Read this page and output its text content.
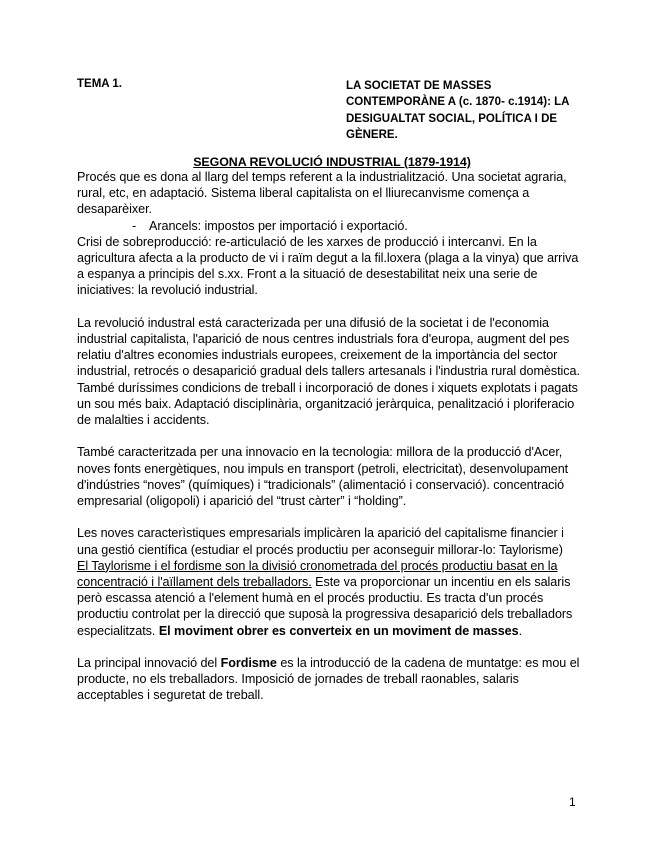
TEMA 1.	LA SOCIETAT DE MASSES
CONTEMPORÀNE A (c. 1870- c.1914): LA
DESIGUALTAT SOCIAL, POLÍTICA I DE
GÈNERE.

SEGONA REVOLUCIÓ INDUSTRIAL (1879-1914)

Procés que es dona al llarg del temps referent a la industrialització. Una societat agraria, rural, etc, en adaptació. Sistema liberal capitalista on el lliurecanvisme comença a desaparèixer.

- Arancels: impostos per importació i exportació.

Crisi de sobreproducció: re-articulació de les xarxes de producció i intercanvi. En la agricultura afecta a la producto de vi i raïm degut a la fil.loxera (plaga a la vinya) que arriva a espanya a principis del s.xx. Front a la situació de desestabilitat neix una serie de iniciatives: la revolució industrial.

La revolució industral está caracterizada per una difusió de la societat i de l'economia industrial capitalista, l'aparició de nous centres industrials fora d'europa, augment del pes relatiu d'altres economies industrials europees, creixement de la importància del sector industrial, retrocés o desaparició gradual dels tallers artesanals i l'industria rural domèstica. També duríssimes condicions de treball i incorporació de dones i xiquets explotats i pagats un sou més baix. Adaptació disciplinària, organització jeràrquica, penalització i ploriferacio de malalties i accidents.

També caracteritzada per una innovacio en la tecnologia: millora de la producció d'Acer, noves fonts energètiques, nou impuls en transport (petroli, electricitat), desenvolupament d'indústries “noves” (químiques) i “tradicionals” (alimentació i conservació). concentració empresarial (oligopoli) i aparició del “trust càrter” i “holding”.

Les noves caracterìstiques empresarials implicàren la aparició del capitalisme financier i una gestió científica (estudiar el procés productiu per aconseguir millorar-lo: Taylorisme)

El Taylorisme i el fordisme son la divisió cronometrada del procés productiu basat en la concentració i l'aïllament dels treballadors. Este va proporcionar un incentiu en els salaris però escassa atenció a l'element humà en el procés productiu. Es tracta d'un procés productiu controlat per la direcció que suposà la progressiva desaparició dels treballadors especialitzats. El moviment obrer es converteix en un moviment de masses.

La principal innovació del Fordisme es la introducció de la cadena de muntatge: es mou el producte, no els treballadors. Imposició de jornades de treball raonables, salaris acceptables i seguretat de treball.

1
